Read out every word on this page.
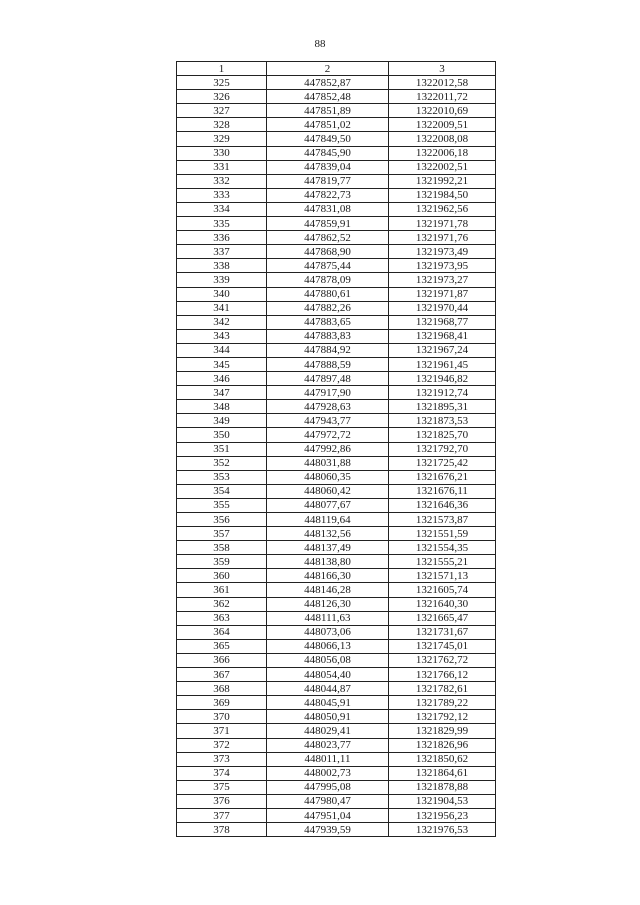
88
1	2	3
325	447852,87	1322012,58
326	447852,48	1322011,72
327	447851,89	1322010,69
328	447851,02	1322009,51
329	447849,50	1322008,08
330	447845,90	1322006,18
331	447839,04	1322002,51
332	447819,77	1321992,21
333	447822,73	1321984,50
334	447831,08	1321962,56
335	447859,91	1321971,78
336	447862,52	1321971,76
337	447868,90	1321973,49
338	447875,44	1321973,95
339	447878,09	1321973,27
340	447880,61	1321971,87
341	447882,26	1321970,44
342	447883,65	1321968,77
343	447883,83	1321968,41
344	447884,92	1321967,24
345	447888,59	1321961,45
346	447897,48	1321946,82
347	447917,90	1321912,74
348	447928,63	1321895,31
349	447943,77	1321873,53
350	447972,72	1321825,70
351	447992,86	1321792,70
352	448031,88	1321725,42
353	448060,35	1321676,21
354	448060,42	1321676,11
355	448077,67	1321646,36
356	448119,64	1321573,87
357	448132,56	1321551,59
358	448137,49	1321554,35
359	448138,80	1321555,21
360	448166,30	1321571,13
361	448146,28	1321605,74
362	448126,30	1321640,30
363	448111,63	1321665,47
364	448073,06	1321731,67
365	448066,13	1321745,01
366	448056,08	1321762,72
367	448054,40	1321766,12
368	448044,87	1321782,61
369	448045,91	1321789,22
370	448050,91	1321792,12
371	448029,41	1321829,99
372	448023,77	1321826,96
373	448011,11	1321850,62
374	448002,73	1321864,61
375	447995,08	1321878,88
376	447980,47	1321904,53
377	447951,04	1321956,23
378	447939,59	1321976,53
